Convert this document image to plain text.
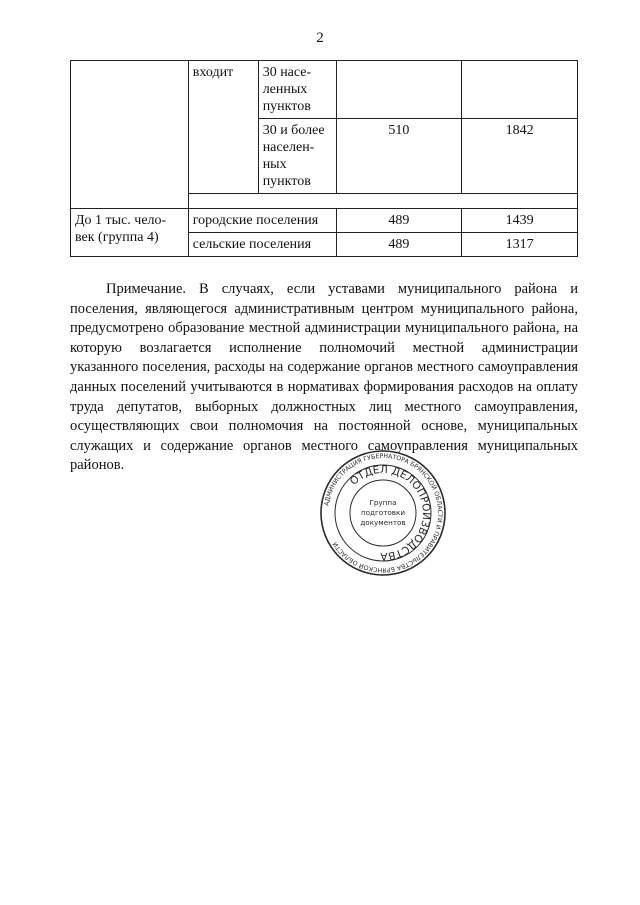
2
	входит	30 насе-
ленных
пунктов		

		30 и более
населен-
ных
пунктов	510	1842

До 1 тыс. чело-
век (группа 4)	городские поселения		489	1439
	сельские поселения		489	1317

Примечание. В случаях, если уставами муниципального района и поселения, являющегося административным центром муниципального района, предусмотрено образование местной администрации муниципального района, на которую возлагается исполнение полномочий местной администрации указанного поселения, расходы на содержание органов местного самоуправления данных поселений учитываются в нормативах формирования расходов на оплату труда депутатов, выборных должностных лиц местного самоуправления, осуществляющих свои полномочия на постоянной основе, муниципальных служащих и содержание органов местного самоуправления муниципальных районов.

АДМИНИСТРАЦИЯ ГУБЕРНАТОРА БРЯНСКОЙ ОБЛАСТИ И ПРАВИТЕЛЬСТВА БРЯНСКОЙ ОБЛАСТИ
ОТДЕЛ ДЕЛОПРОИЗВОДСТВА
Группа
подготовки
документов
